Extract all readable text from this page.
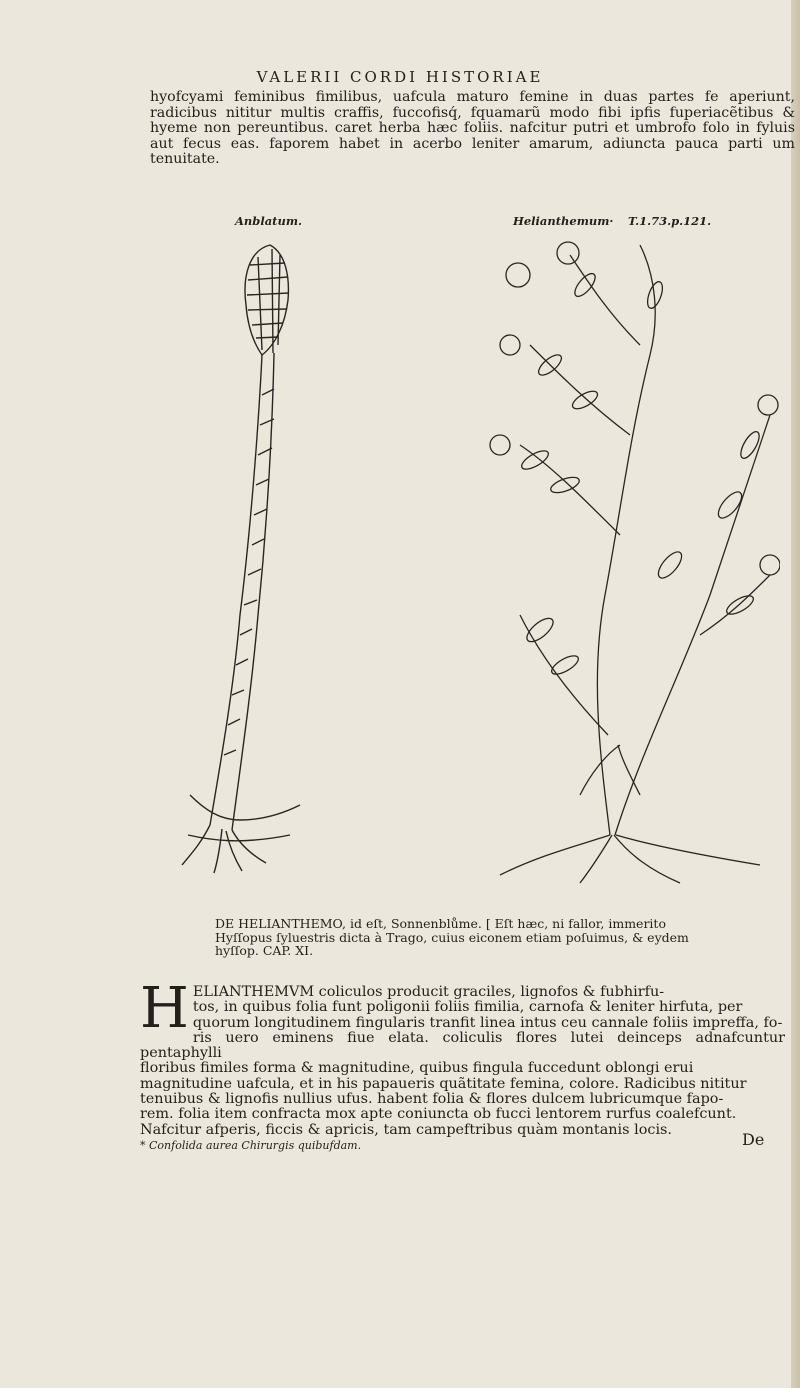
VALERII CORDI HISTORIAE
hyofcyami feminibus fimilibus, uafcula maturo femine in duas partes fe aperiunt, radicibus nititur multis craffis, fuccofisq́, fquamarũ modo fibi ipfis fuperiacẽtibus & hyeme non pereuntibus. caret herba hæc foliis. nafcitur putri et umbrofo folo in fyluis aut fecus eas. faporem habet in acerbo leniter amarum, adiuncta pauca parti um tenuitate.
Anblatum.	Helianthemum· T.1.73.p.121.
DE HELIANTHEMO, id eſt, Sonnenblůme. [ Eſt hæc, ni fallor, immerito
Hyſſopus ſyluestris dicta à Trago, cuius eiconem etiam poſuimus, & eydem
hyſſop. CAP. XI.
H ELIANTHEMVM coliculos producit graciles, lignofos & fubhirfu-
tos, in quibus folia funt poligonii foliis fimilia, carnofa & leniter hirfuta, per
quorum longitudinem fingularis tranfit linea intus ceu cannale foliis impreffa, fo-
ris uero eminens fiue elata. coliculis flores lutei deinceps adnafcuntur pentaphylli
floribus fimiles forma & magnitudine, quibus fingula fuccedunt oblongi erui
magnitudine uafcula, et in his papaueris quãtitate femina, colore. Radicibus nititur
tenuibus & lignofis nullius ufus. habent folia & flores dulcem lubricumque fapo-
rem. folia item confracta mox apte coniuncta ob fucci lentorem rurfus coalefcunt.
Nafcitur afperis, ficcis & apricis, tam campeftribus quàm montanis locis.
* Confolida aurea Chirurgis quibufdam.	De
